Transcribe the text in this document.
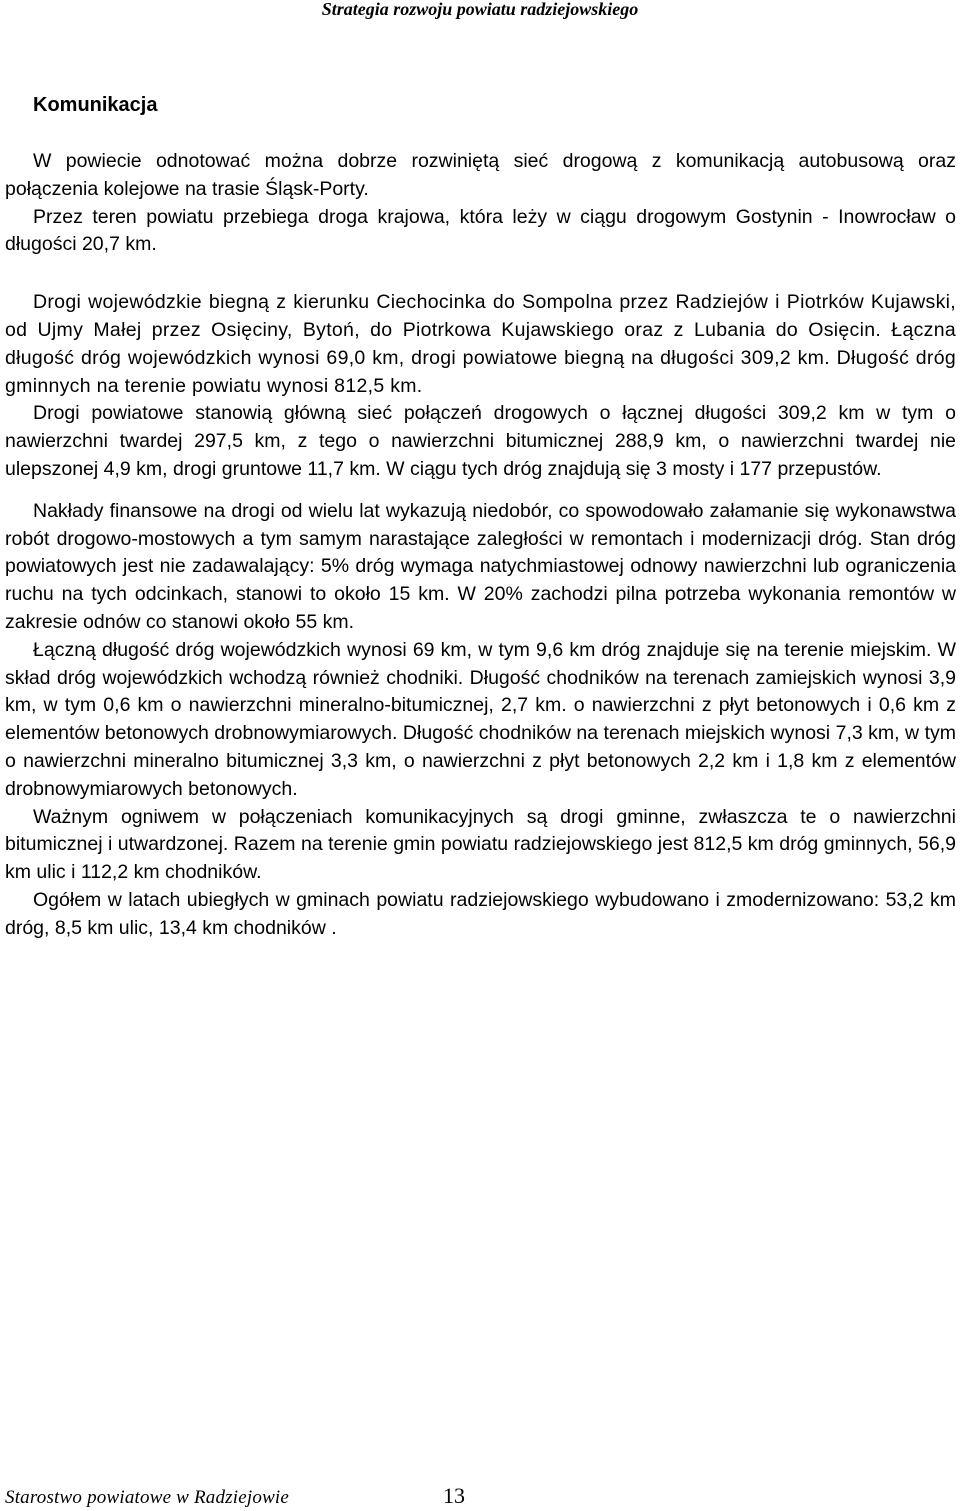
Strategia rozwoju powiatu radziejowskiego
Komunikacja

W powiecie odnotować można dobrze rozwiniętą sieć drogową z komunikacją autobusową oraz połączenia kolejowe na trasie Śląsk-Porty.

Przez teren powiatu przebiega droga krajowa, która leży w ciągu drogowym Gostynin - Inowrocław o długości 20,7 km.

Drogi wojewódzkie biegną z kierunku Ciechocinka do Sompolna przez Radziejów i Piotrków Kujawski, od Ujmy Małej przez Osięciny, Bytoń, do Piotrkowa Kujawskiego oraz z Lubania do Osięcin. Łączna długość dróg wojewódzkich wynosi 69,0 km, drogi powiatowe biegną na długości 309,2 km. Długość dróg gminnych na terenie powiatu wynosi 812,5 km.

Drogi powiatowe stanowią główną sieć połączeń drogowych o łącznej długości 309,2 km w tym o nawierzchni twardej 297,5 km, z tego o nawierzchni bitumicznej 288,9 km, o nawierzchni twardej nie ulepszonej 4,9 km, drogi gruntowe 11,7 km. W ciągu tych dróg znajdują się 3 mosty i 177 przepustów.

Nakłady finansowe na drogi od wielu lat wykazują niedobór, co spowodowało załamanie się wykonawstwa robót drogowo-mostowych a tym samym narastające zaległości w remontach i modernizacji dróg. Stan dróg powiatowych jest nie zadawalający: 5% dróg wymaga natychmiastowej odnowy nawierzchni lub ograniczenia ruchu na tych odcinkach, stanowi to około 15 km. W 20% zachodzi pilna potrzeba wykonania remontów w zakresie odnów co stanowi około 55 km.

Łączną długość dróg wojewódzkich wynosi 69 km, w tym 9,6 km dróg znajduje się na terenie miejskim. W skład dróg wojewódzkich wchodzą również chodniki. Długość chodników na terenach zamiejskich wynosi 3,9 km, w tym 0,6 km o nawierzchni mineralno-bitumicznej, 2,7 km. o nawierzchni z płyt betonowych i 0,6 km z elementów betonowych drobnowymiarowych. Długość chodników na terenach miejskich wynosi 7,3 km, w tym o nawierzchni mineralno bitumicznej 3,3 km, o nawierzchni z płyt betonowych 2,2 km i 1,8 km z elementów drobnowymiarowych betonowych.

Ważnym ogniwem w połączeniach komunikacyjnych są drogi gminne, zwłaszcza te o nawierzchni bitumicznej i utwardzonej. Razem na terenie gmin powiatu radziejowskiego jest 812,5 km dróg gminnych, 56,9 km ulic i 112,2 km chodników.

Ogółem w latach ubiegłych w gminach powiatu radziejowskiego wybudowano i zmodernizowano: 53,2 km dróg, 8,5 km ulic, 13,4 km chodników .

Starostwo powiatowe w Radziejowie	13
